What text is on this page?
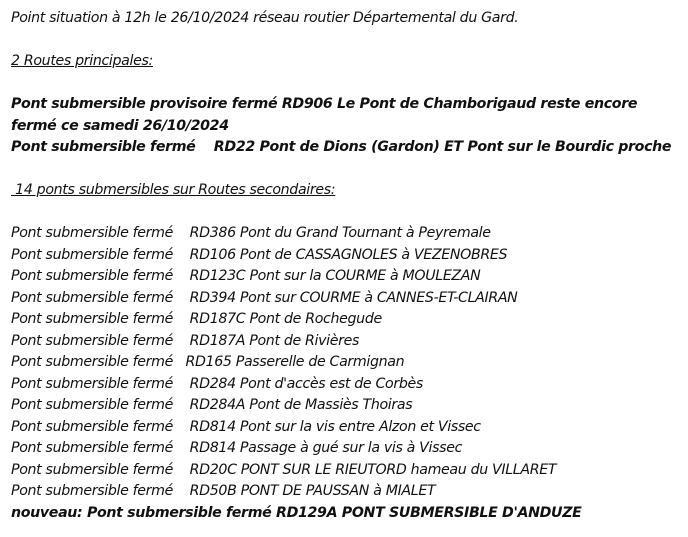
Point situation à 12h le 26/10/2024 réseau routier Départemental du Gard.

2 Routes principales:

Pont submersible provisoire fermé RD906 Le Pont de Chamborigaud reste encore fermé ce samedi 26/10/2024

Pont submersible fermé    RD22 Pont de Dions (Gardon) ET Pont sur le Bourdic proche

14 ponts submersibles sur Routes secondaires:

Pont submersible fermé    RD386 Pont du Grand Tournant à Peyremale

Pont submersible fermé    RD106 Pont de CASSAGNOLES à VEZENOBRES

Pont submersible fermé    RD123C Pont sur la COURME à MOULEZAN

Pont submersible fermé    RD394 Pont sur COURME à CANNES-ET-CLAIRAN

Pont submersible fermé    RD187C Pont de Rochegude

Pont submersible fermé    RD187A Pont de Rivières

Pont submersible fermé   RD165 Passerelle de Carmignan

Pont submersible fermé    RD284 Pont d'accès est de Corbès

Pont submersible fermé    RD284A Pont de Massiès Thoiras

Pont submersible fermé    RD814 Pont sur la vis entre Alzon et Vissec

Pont submersible fermé    RD814 Passage à gué sur la vis à Vissec

Pont submersible fermé    RD20C PONT SUR LE RIEUTORD hameau du VILLARET

Pont submersible fermé    RD50B PONT DE PAUSSAN à MIALET

nouveau: Pont submersible fermé RD129A PONT SUBMERSIBLE D'ANDUZE
